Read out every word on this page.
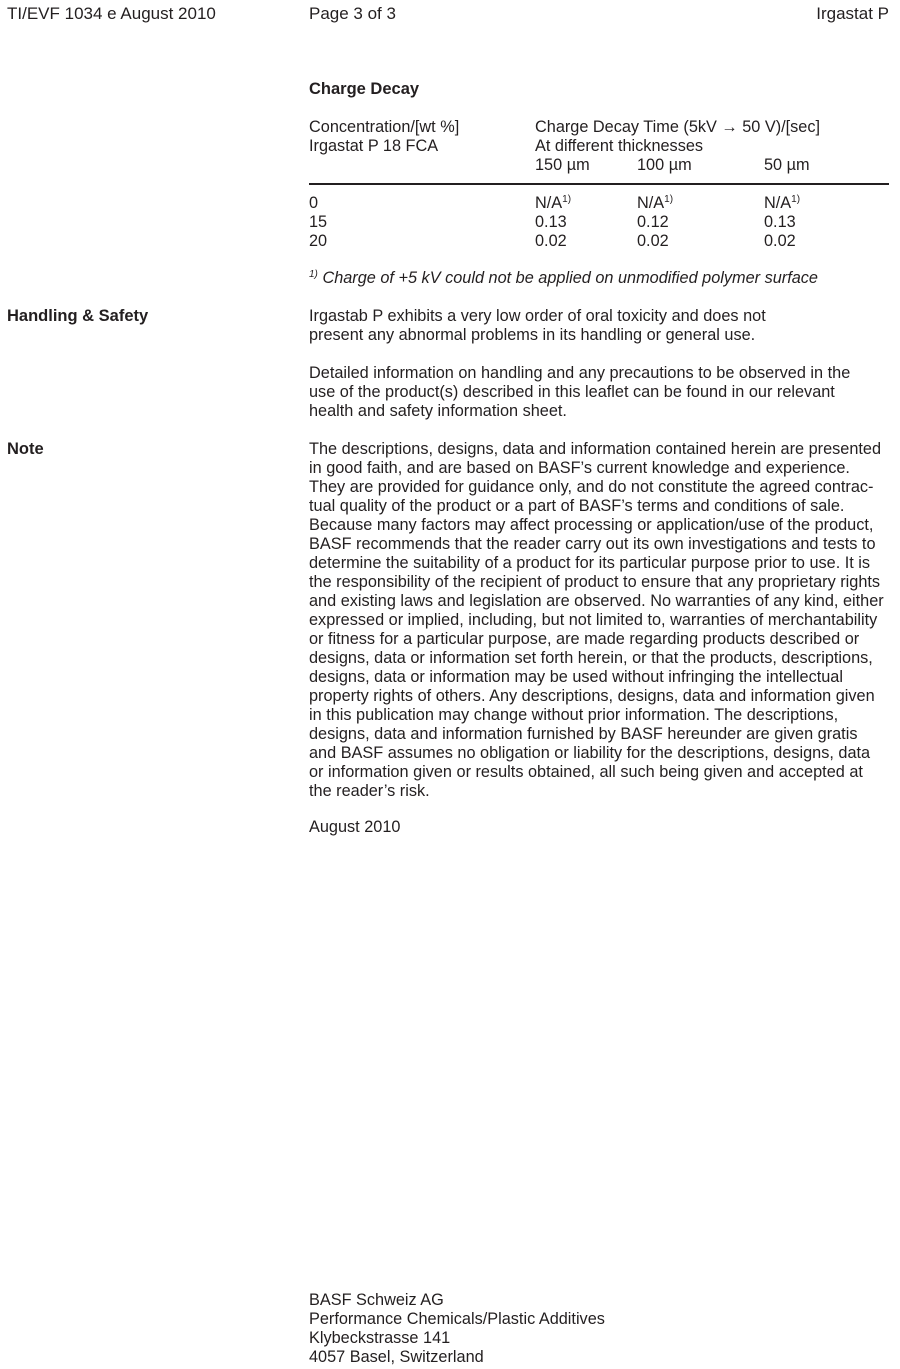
TI/EVF 1034 e August 2010	Page 3 of 3	Irgastat P
Charge Decay
Concentration/[wt %]
Irgastat P 18 FCA
Charge Decay Time (5kV → 50 V)/[sec]
At different thicknesses
150 µm	100 µm	50 µm
0	$N/A^{1)}$	$N/A^{1)}$	$N/A^{1)}$
15	0.13	0.12	0.13
20	0.02	0.02	0.02
$^{1)}$ Charge of +5 kV could not be applied on unmodified polymer surface
Handling & Safety	Irgastab P exhibits a very low order of oral toxicity and does not
present any abnormal problems in its handling or general use.
Detailed information on handling and any precautions to be observed in the
use of the product(s) described in this leaflet can be found in our relevant
health and safety information sheet.
Note	The descriptions, designs, data and information contained herein are presented
in good faith, and are based on BASF’s current knowledge and experience.
They are provided for guidance only, and do not constitute the agreed contrac-
tual quality of the product or a part of BASF’s terms and conditions of sale.
Because many factors may affect processing or application/use of the product,
BASF recommends that the reader carry out its own investigations and tests to
determine the suitability of a product for its particular purpose prior to use. It is
the responsibility of the recipient of product to ensure that any proprietary rights
and existing laws and legislation are observed. No warranties of any kind, either
expressed or implied, including, but not limited to, warranties of merchantability
or fitness for a particular purpose, are made regarding products described or
designs, data or information set forth herein, or that the products, descriptions,
designs, data or information may be used without infringing the intellectual
property rights of others. Any descriptions, designs, data and information given
in this publication may change without prior information. The descriptions,
designs, data and information furnished by BASF hereunder are given gratis
and BASF assumes no obligation or liability for the descriptions, designs, data
or information given or results obtained, all such being given and accepted at
the reader’s risk.
August 2010
BASF Schweiz AG
Performance Chemicals/Plastic Additives
Klybeckstrasse 141
4057 Basel, Switzerland
